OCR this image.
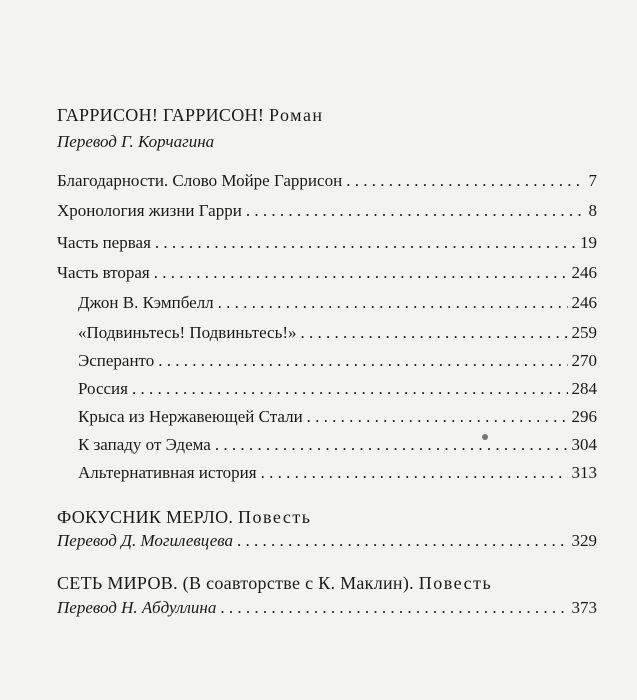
ГАРРИСОН! ГАРРИСОН! Роман
Перевод Г. Корчагина
Благодарности. Слово Мойре Гаррисон . . .	7
Хронология жизни Гарри . . .	8
Часть первая . . .	19
Часть вторая . . .	246
Джон В. Кэмпбелл . . .	246
«Подвиньтесь! Подвиньтесь!» . . .	259
Эсперанто . . .	270
Россия . . .	284
Крыса из Нержавеющей Стали . . .	296
К западу от Эдема . . .	304
Альтернативная история . . .	313
ФОКУСНИК МЕРЛО. Повесть
Перевод Д. Могилевцева . . .	329
СЕТЬ МИРОВ. (В соавторстве с К. Маклин). Повесть
Перевод Н. Абдуллина . . .	373
